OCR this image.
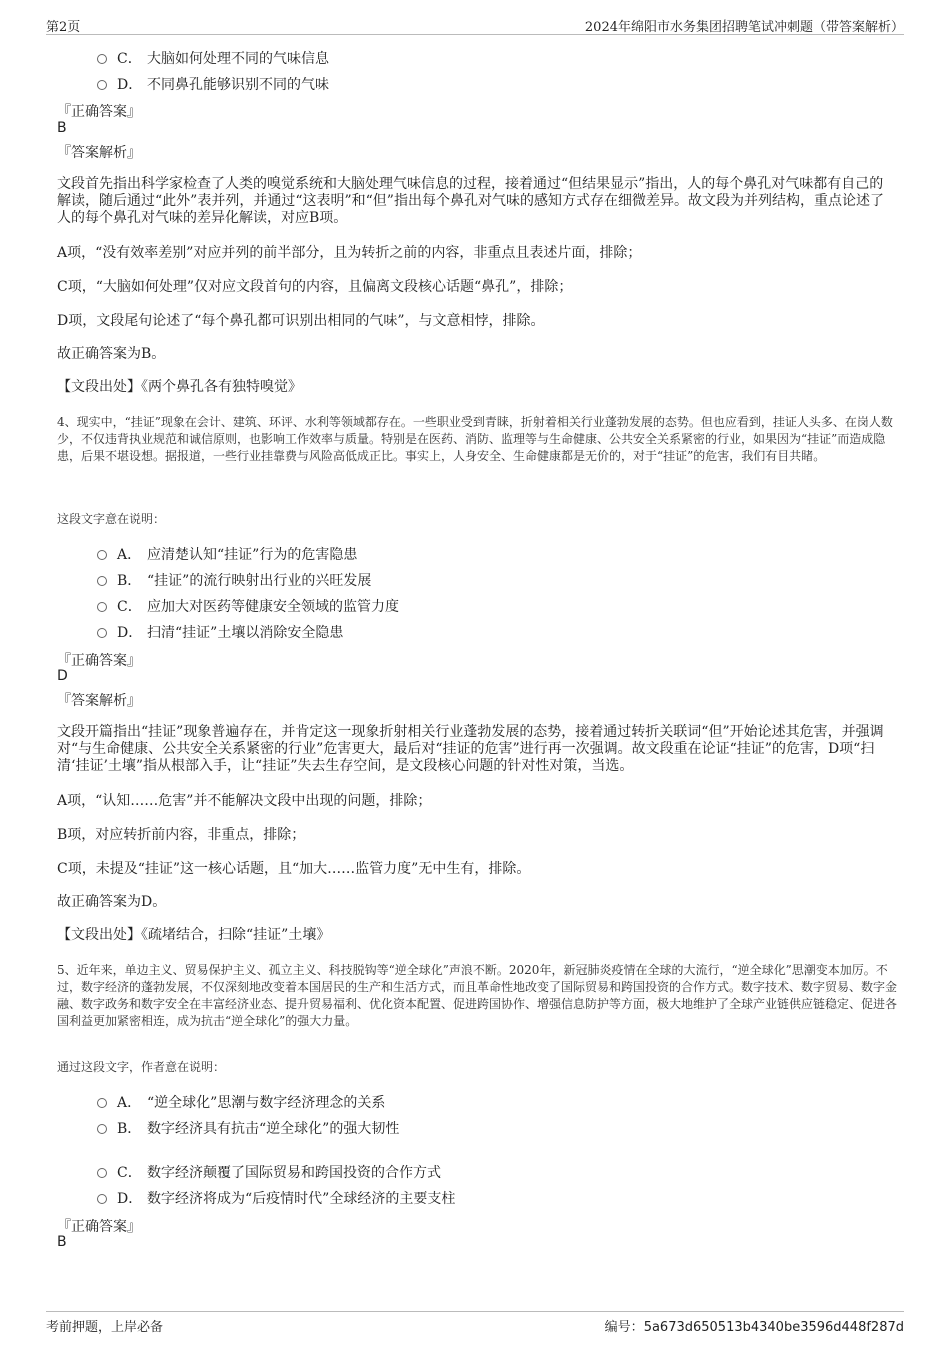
第2页	2024年绵阳市水务集团招聘笔试冲刺题（带答案解析）
C． 大脑如何处理不同的气味信息
D． 不同鼻孔能够识别不同的气味
『正确答案』
B
『答案解析』
文段首先指出科学家检查了人类的嗅觉系统和大脑处理气味信息的过程，接着通过“但结果显示”指出，人的每个鼻孔对气味都有自己的解读，随后通过“此外”表并列，并通过“这表明”和“但”指出每个鼻孔对气味的感知方式存在细微差异。故文段为并列结构，重点论述了人的每个鼻孔对气味的差异化解读，对应B项。
A项，“没有效率差别”对应并列的前半部分，且为转折之前的内容，非重点且表述片面，排除；
C项，“大脑如何处理”仅对应文段首句的内容，且偏离文段核心话题“鼻孔”，排除；
D项，文段尾句论述了“每个鼻孔都可识别出相同的气味”，与文意相悖，排除。
故正确答案为B。
【文段出处】《两个鼻孔各有独特嗅觉》
4、现实中，“挂证”现象在会计、建筑、环评、水利等领域都存在。一些职业受到青睐，折射着相关行业蓬勃发展的态势。但也应看到，挂证人头多、在岗人数少，不仅违背执业规范和诚信原则，也影响工作效率与质量。特别是在医药、消防、监理等与生命健康、公共安全关系紧密的行业，如果因为“挂证”而造成隐患，后果不堪设想。据报道，一些行业挂靠费与风险高低成正比。事实上，人身安全、生命健康都是无价的，对于“挂证”的危害，我们有目共睹。
这段文字意在说明：
A． 应清楚认知“挂证”行为的危害隐患
B． “挂证”的流行映射出行业的兴旺发展
C． 应加大对医药等健康安全领域的监管力度
D． 扫清“挂证”土壤以消除安全隐患
『正确答案』
D
『答案解析』
文段开篇指出“挂证”现象普遍存在，并肯定这一现象折射相关行业蓬勃发展的态势，接着通过转折关联词“但”开始论述其危害，并强调对“与生命健康、公共安全关系紧密的行业”危害更大，最后对“挂证的危害”进行再一次强调。故文段重在论证“挂证”的危害，D项“扫清‘挂证’土壤”指从根部入手，让“挂证”失去生存空间，是文段核心问题的针对性对策，当选。
A项，“认知……危害”并不能解决文段中出现的问题，排除；
B项，对应转折前内容，非重点，排除；
C项，未提及“挂证”这一核心话题，且“加大……监管力度”无中生有，排除。
故正确答案为D。
【文段出处】《疏堵结合，扫除“挂证”土壤》
5、近年来，单边主义、贸易保护主义、孤立主义、科技脱钩等“逆全球化”声浪不断。2020年，新冠肺炎疫情在全球的大流行，“逆全球化”思潮变本加厉。不过，数字经济的蓬勃发展，不仅深刻地改变着本国居民的生产和生活方式，而且革命性地改变了国际贸易和跨国投资的合作方式。数字技术、数字贸易、数字金融、数字政务和数字安全在丰富经济业态、提升贸易福利、优化资本配置、促进跨国协作、增强信息防护等方面，极大地维护了全球产业链供应链稳定、促进各国利益更加紧密相连，成为抗击“逆全球化”的强大力量。
通过这段文字，作者意在说明：
A． “逆全球化”思潮与数字经济理念的关系
B． 数字经济具有抗击“逆全球化”的强大韧性
C． 数字经济颠覆了国际贸易和跨国投资的合作方式
D． 数字经济将成为“后疫情时代”全球经济的主要支柱
『正确答案』
B
考前押题，上岸必备	编号：5a673d650513b4340be3596d448f287d
